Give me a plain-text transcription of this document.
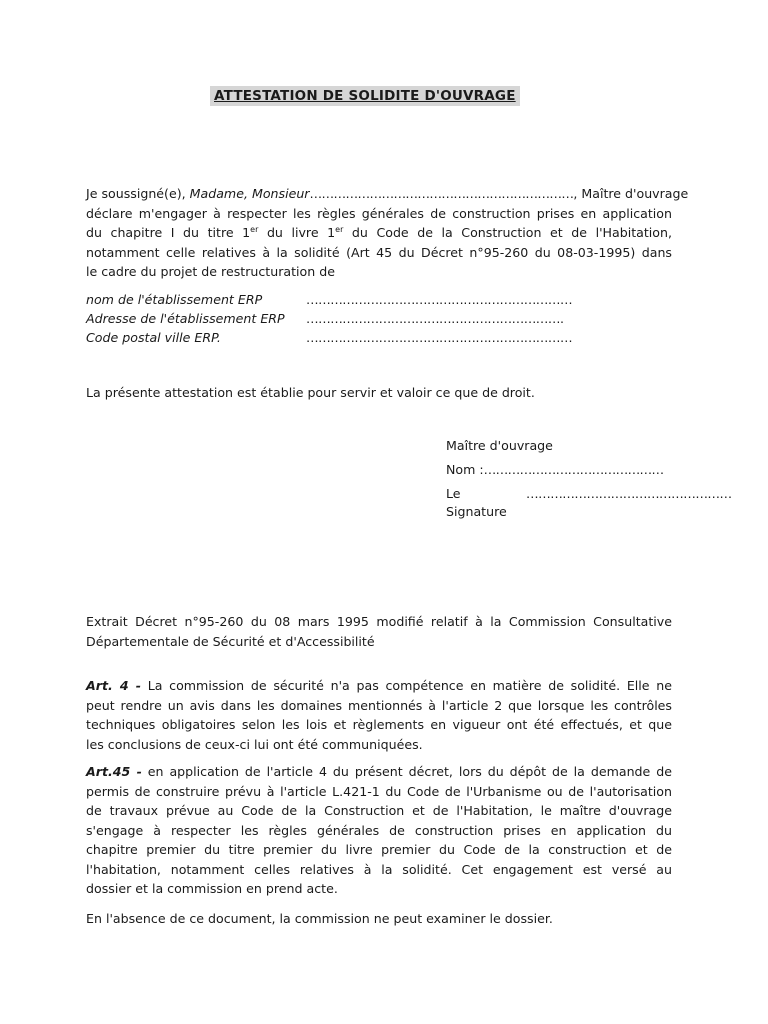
ATTESTATION DE SOLIDITE D'OUVRAGE
Je soussigné(e), Madame, Monsieur…………………………………………………………, Maître d'ouvrage
déclare m'engager à respecter les règles générales de construction prises en application
du chapitre I du titre 1er du livre 1er du Code de la Construction et de l'Habitation,
notamment celle relatives à la solidité (Art 45 du Décret n°95-260 du 08-03-1995) dans
le cadre du projet de restructuration de
nom de l'établissement ERP	…………………………………………………………
Adresse de l'établissement ERP ……………………………………………………….
Code postal ville ERP.	…………………………………………………………
La présente attestation est établie pour servir et valoir ce que de droit.
Maître d'ouvrage
Nom :………………………………………
Le	……………………………………………
Signature
Extrait Décret n°95-260 du 08 mars 1995 modifié relatif à la Commission Consultative
Départementale de Sécurité et d'Accessibilité
Art. 4 - La commission de sécurité n'a pas compétence en matière de solidité. Elle ne
peut rendre un avis dans les domaines mentionnés à l'article 2 que lorsque les contrôles
techniques obligatoires selon les lois et règlements en vigueur ont été effectués, et que
les conclusions de ceux-ci lui ont été communiquées.
Art.45 - en application de l'article 4 du présent décret, lors du dépôt de la demande de
permis de construire prévu à l'article L.421-1 du Code de l'Urbanisme ou de l'autorisation
de travaux prévue au Code de la Construction et de l'Habitation, le maître d'ouvrage
s'engage à respecter les règles générales de construction prises en application du
chapitre premier du titre premier du livre premier du Code de la construction et de
l'habitation, notamment celles relatives à la solidité. Cet engagement est versé au
dossier et la commission en prend acte.
En l'absence de ce document, la commission ne peut examiner le dossier.
